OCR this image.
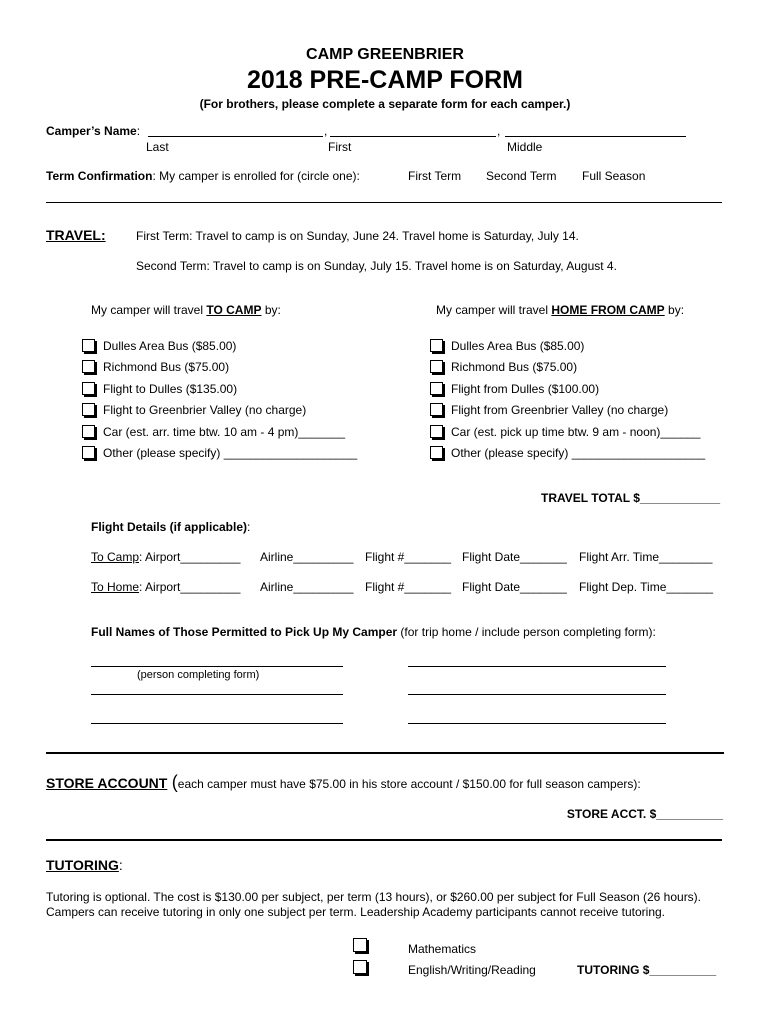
CAMP GREENBRIER
2018 PRE-CAMP FORM
(For brothers, please complete a separate form for each camper.)
Camper’s Name:	,	,
Last	First	Middle
Term Confirmation: My camper is enrolled for (circle one):	First Term Second Term Full Season
TRAVEL:	First Term: Travel to camp is on Sunday, June 24. Travel home is Saturday, July 14.
Second Term: Travel to camp is on Sunday, July 15. Travel home is on Saturday, August 4.
My camper will travel TO CAMP by:	My camper will travel HOME FROM CAMP by:
Dulles Area Bus ($85.00)
Richmond Bus ($75.00)
Flight to Dulles ($135.00)
Flight to Greenbrier Valley (no charge)
Car (est. arr. time btw. 10 am - 4 pm)_______
Other (please specify) ____________________
Dulles Area Bus ($85.00)
Richmond Bus ($75.00)
Flight from Dulles ($100.00)
Flight from Greenbrier Valley (no charge)
Car (est. pick up time btw. 9 am - noon)______
Other (please specify) ____________________
TRAVEL TOTAL $____________
Flight Details (if applicable):
To Camp: Airport_________ Airline_________ Flight #_______ Flight Date_______ Flight Arr. Time________
To Home: Airport_________ Airline_________ Flight #_______ Flight Date_______ Flight Dep. Time_______
Full Names of Those Permitted to Pick Up My Camper (for trip home / include person completing form):
(person completing form)
STORE ACCOUNT (each camper must have $75.00 in his store account / $150.00 for full season campers):
STORE ACCT. $__________
TUTORING:
Tutoring is optional. The cost is $130.00 per subject, per term (13 hours), or $260.00 per subject for Full Season (26 hours). Campers can receive tutoring in only one subject per term. Leadership Academy participants cannot receive tutoring.
Mathematics
English/Writing/Reading	TUTORING $__________
